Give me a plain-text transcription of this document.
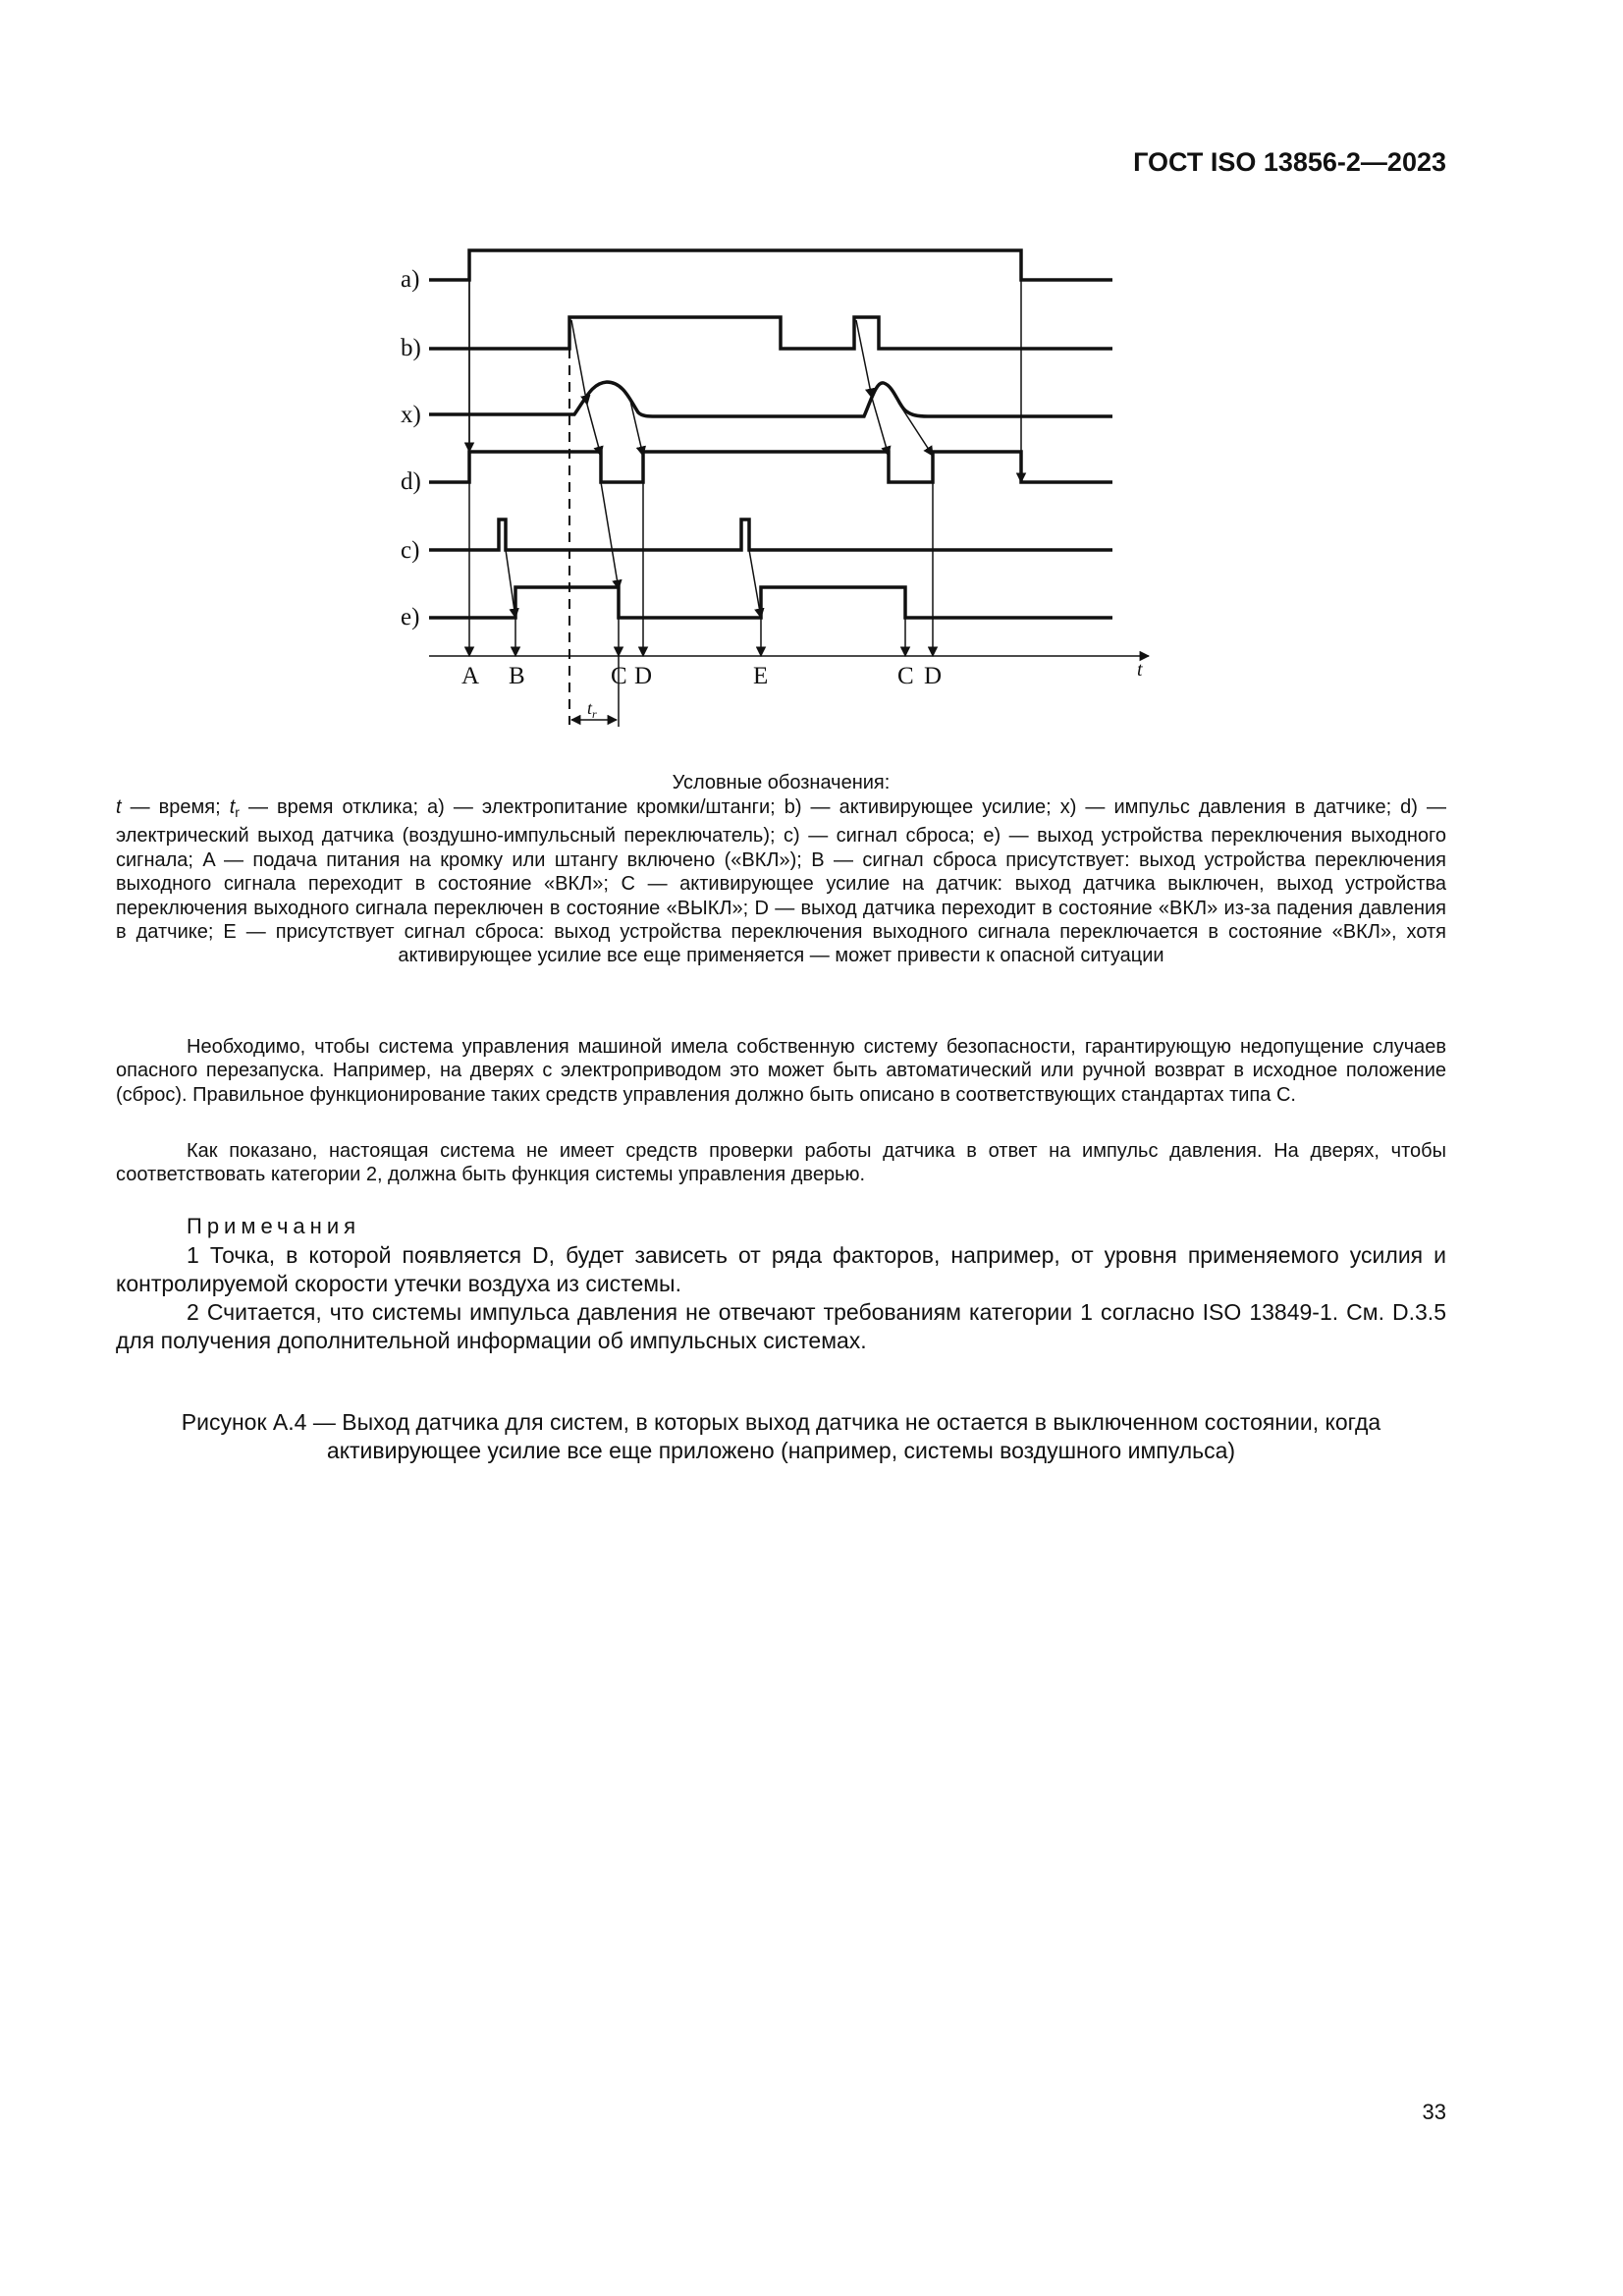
ГОСТ ISO 13856-2—2023
a)
b)
x)
d)
c)
e)
A B	C D	E	C D	t
$t_r$
Условные обозначения:
t — время; $t_r$ — время отклика; a) — электропитание кромки/штанги; b) — активирующее усилие; x) — импульс давления в датчике; d) — электрический выход датчика (воздушно-импульсный переключатель); c) — сигнал сброса; e) — выход устройства переключения выходного сигнала; A — подача питания на кромку или штангу включено («ВКЛ»); B — сигнал сброса присутствует: выход устройства переключения выходного сигнала переходит в состояние «ВКЛ»; C — активирующее усилие на датчик: выход датчика выключен, выход устройства переключения выходного сигнала переключен в состояние «ВЫКЛ»; D — выход датчика переходит в состояние «ВКЛ» из-за падения давления в датчике; E — присутствует сигнал сброса: выход устройства переключения выходного сигнала переключается в состояние «ВКЛ», хотя активирующее усилие все еще применяется — может привести к опасной ситуации
Необходимо, чтобы система управления машиной имела собственную систему безопасности, гарантирующую недопущение случаев опасного перезапуска. Например, на дверях с электроприводом это может быть автоматический или ручной возврат в исходное положение (сброс). Правильное функционирование таких средств управления должно быть описано в соответствующих стандартах типа С.
Как показано, настоящая система не имеет средств проверки работы датчика в ответ на импульс давления. На дверях, чтобы соответствовать категории 2, должна быть функция системы управления дверью.
Примечания
1 Точка, в которой появляется D, будет зависеть от ряда факторов, например, от уровня применяемого усилия и контролируемой скорости утечки воздуха из системы.
2 Считается, что системы импульса давления не отвечают требованиям категории 1 согласно ISO 13849-1. См. D.3.5 для получения дополнительной информации об импульсных системах.
Рисунок А.4 — Выход датчика для систем, в которых выход датчика не остается в выключенном состоянии, когда активирующее усилие все еще приложено (например, системы воздушного импульса)
33
